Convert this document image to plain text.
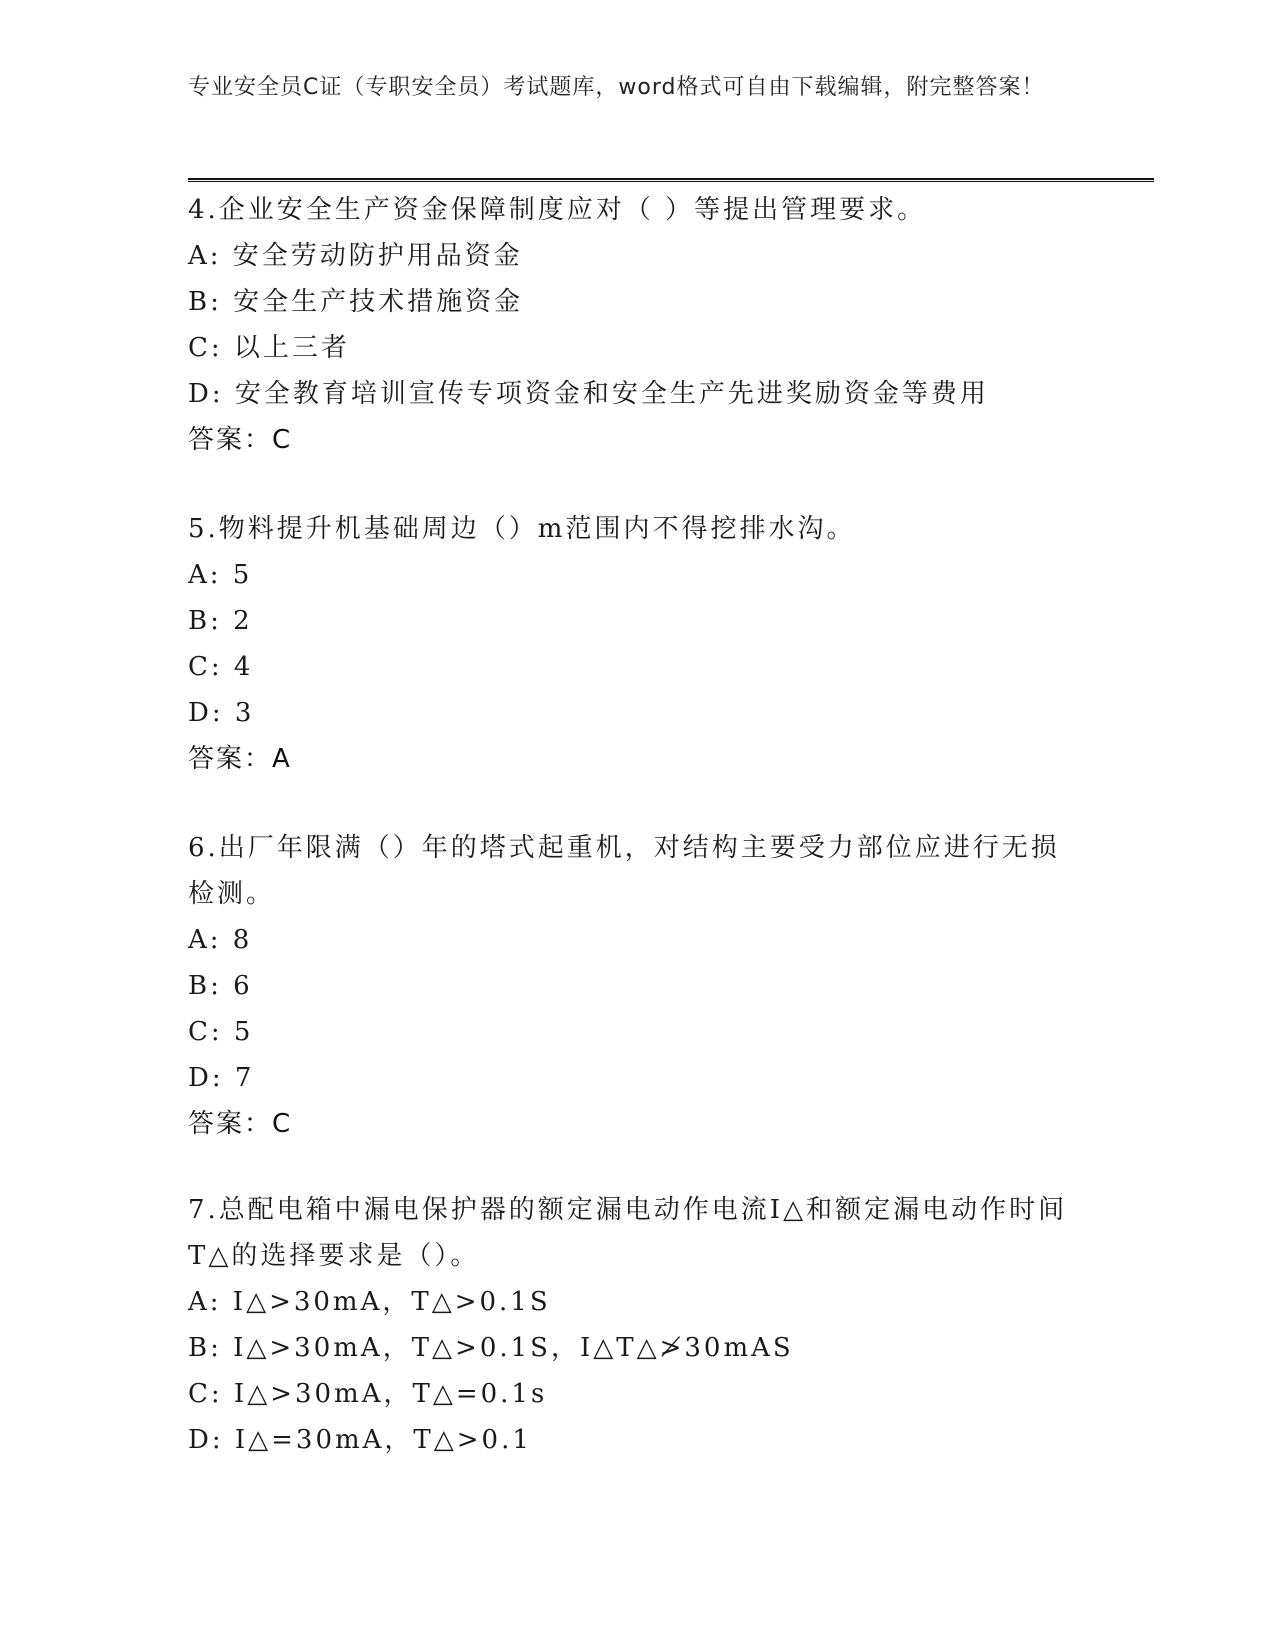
专业安全员C证（专职安全员）考试题库，word格式可自由下载编辑，附完整答案！
4.企业安全生产资金保障制度应对（ ）等提出管理要求。
A: 安全劳动防护用品资金
B: 安全生产技术措施资金
C: 以上三者
D: 安全教育培训宣传专项资金和安全生产先进奖励资金等费用
答案：C
5.物料提升机基础周边（）m范围内不得挖排水沟。
A: 5
B: 2
C: 4
D: 3
答案：A
6.出厂年限满（）年的塔式起重机，对结构主要受力部位应进行无损
检测。
A: 8
B: 6
C: 5
D: 7
答案：C
7.总配电箱中漏电保护器的额定漏电动作电流I△和额定漏电动作时间
T△的选择要求是（）。
A: I△>30mA，T△>0.1S
B: I△>30mA，T△>0.1S，I△T△≯30mAS
C: I△>30mA，T△=0.1s
D: I△=30mA，T△>0.1
